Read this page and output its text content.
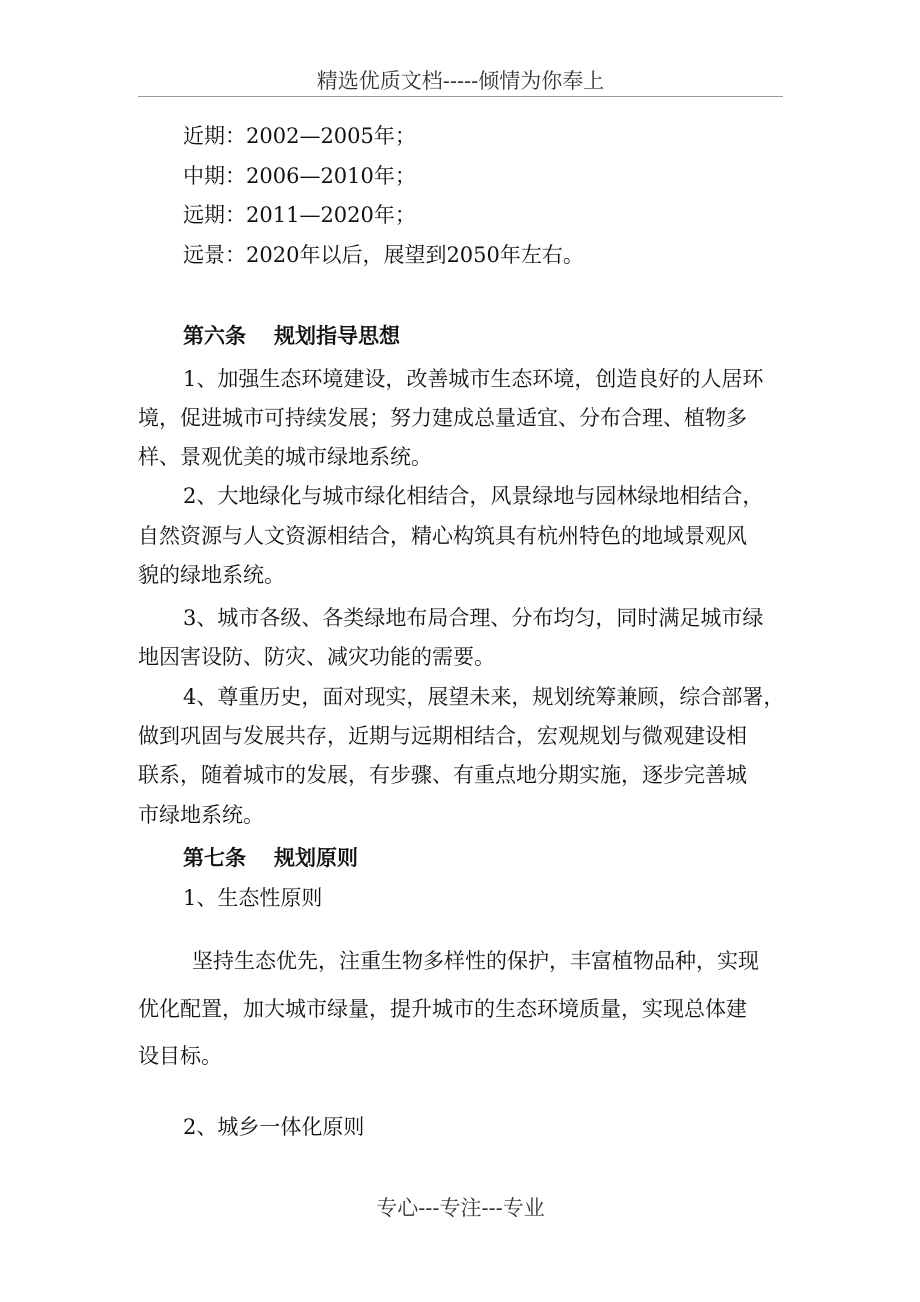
精选优质文档-----倾情为你奉上
近期：2002—2005年；
中期：2006—2010年；
远期：2011—2020年；
远景：2020年以后，展望到2050年左右。
第六条 规划指导思想
1、加强生态环境建设，改善城市生态环境，创造良好的人居环
境，促进城市可持续发展；努力建成总量适宜、分布合理、植物多
样、景观优美的城市绿地系统。
2、大地绿化与城市绿化相结合，风景绿地与园林绿地相结合，
自然资源与人文资源相结合，精心构筑具有杭州特色的地域景观风
貌的绿地系统。
3、城市各级、各类绿地布局合理、分布均匀，同时满足城市绿
地因害设防、防灾、减灾功能的需要。
4、尊重历史，面对现实，展望未来，规划统筹兼顾，综合部署，
做到巩固与发展共存，近期与远期相结合，宏观规划与微观建设相
联系，随着城市的发展，有步骤、有重点地分期实施，逐步完善城
市绿地系统。
第七条 规划原则
1、生态性原则
坚持生态优先，注重生物多样性的保护，丰富植物品种，实现
优化配置，加大城市绿量，提升城市的生态环境质量，实现总体建
设目标。
2、城乡一体化原则
专心---专注---专业
